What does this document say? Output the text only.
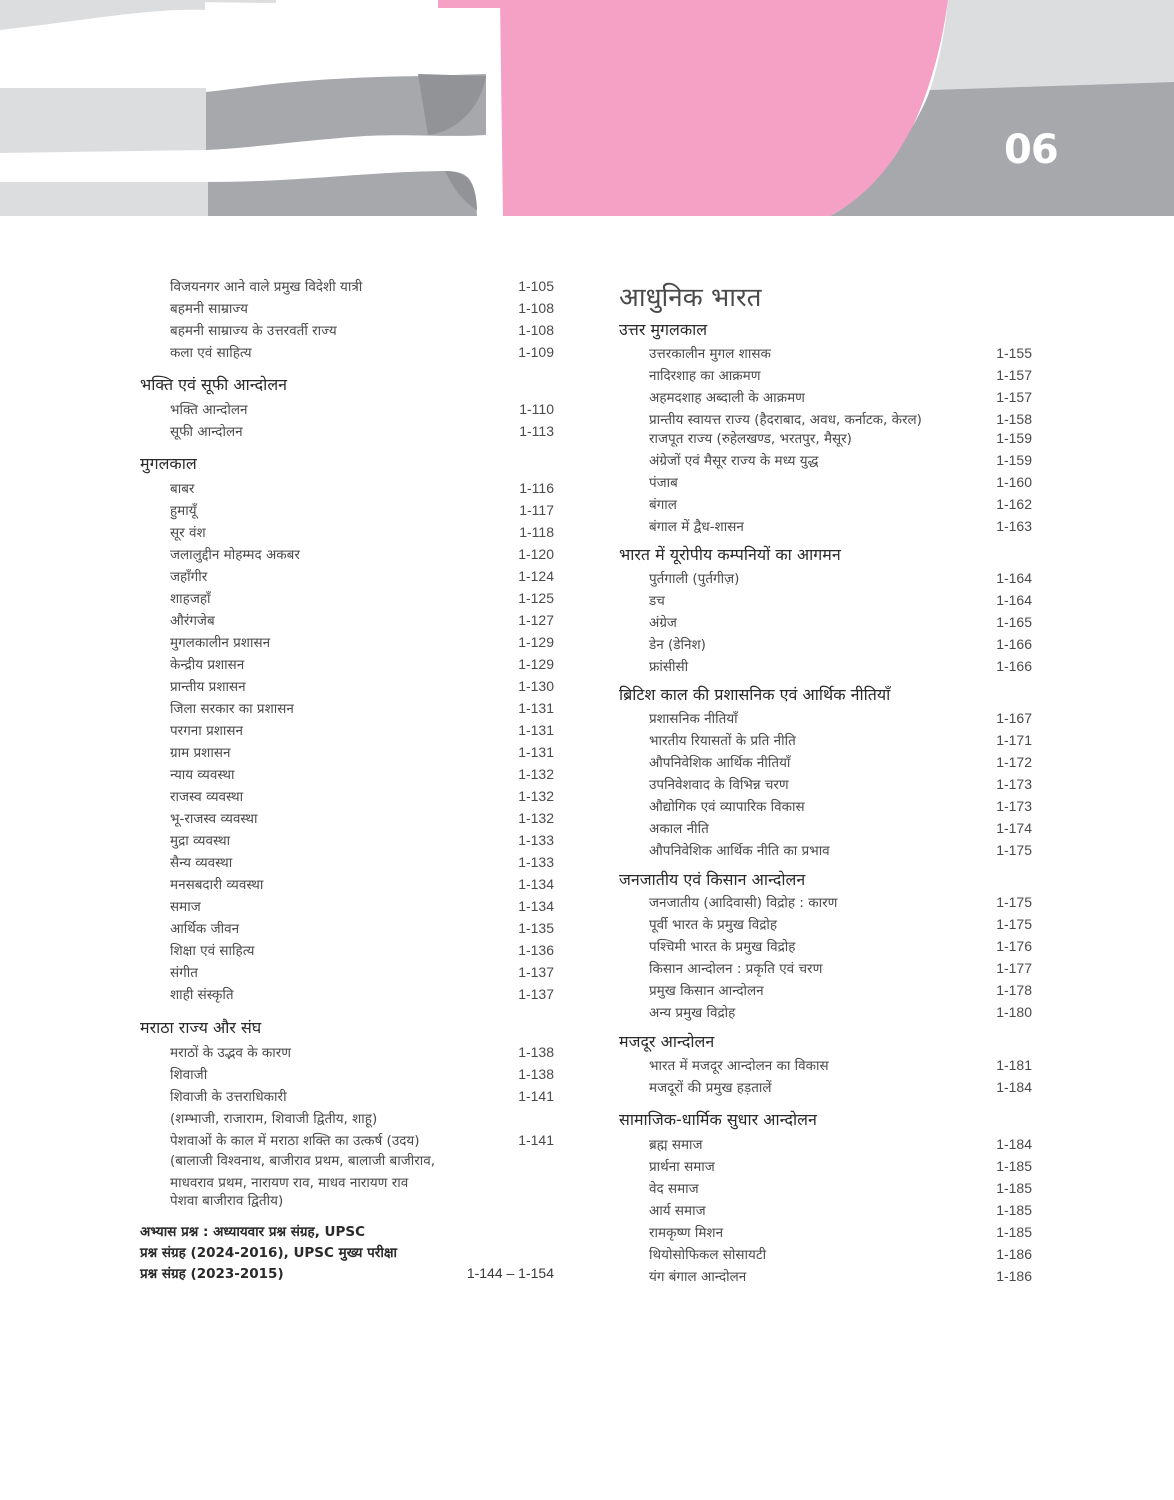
06
विजयनगर आने वाले प्रमुख विदेशी यात्री	1-105
बहमनी साम्राज्य	1-108
बहमनी साम्राज्य के उत्तरवर्ती राज्य	1-108
कला एवं साहित्य	1-109
भक्ति एवं सूफी आन्दोलन
भक्ति आन्दोलन	1-110
सूफी आन्दोलन	1-113
मुगलकाल
बाबर	1-116
हुमायूँ	1-117
सूर वंश	1-118
जलालुद्दीन मोहम्मद अकबर	1-120
जहाँगीर	1-124
शाहजहाँ	1-125
औरंगजेब	1-127
मुगलकालीन प्रशासन	1-129
केन्द्रीय प्रशासन	1-129
प्रान्तीय प्रशासन	1-130
जिला सरकार का प्रशासन	1-131
परगना प्रशासन	1-131
ग्राम प्रशासन	1-131
न्याय व्यवस्था	1-132
राजस्व व्यवस्था	1-132
भू-राजस्व व्यवस्था	1-132
मुद्रा व्यवस्था	1-133
सैन्य व्यवस्था	1-133
मनसबदारी व्यवस्था	1-134
समाज	1-134
आर्थिक जीवन	1-135
शिक्षा एवं साहित्य	1-136
संगीत	1-137
शाही संस्कृति	1-137
मराठा राज्य और संघ
मराठों के उद्भव के कारण	1-138
शिवाजी	1-138
शिवाजी के उत्तराधिकारी	1-141
(शम्भाजी, राजाराम, शिवाजी द्वितीय, शाहू)
पेशवाओं के काल में मराठा शक्ति का उत्कर्ष (उदय)	1-141
(बालाजी विश्वनाथ, बाजीराव प्रथम, बालाजी बाजीराव,
माधवराव प्रथम, नारायण राव, माधव नारायण राव
पेशवा बाजीराव द्वितीय)
अभ्यास प्रश्न : अध्यायवार प्रश्न संग्रह, UPSC
प्रश्न संग्रह (2024-2016), UPSC मुख्य परीक्षा
प्रश्न संग्रह (2023-2015)	1-144 – 1-154
आधुनिक भारत
उत्तर मुगलकाल
उत्तरकालीन मुगल शासक	1-155
नादिरशाह का आक्रमण	1-157
अहमदशाह अब्दाली के आक्रमण	1-157
प्रान्तीय स्वायत्त राज्य (हैदराबाद, अवध, कर्नाटक, केरल)	1-158
राजपूत राज्य (रुहेलखण्ड, भरतपुर, मैसूर)	1-159
अंग्रेजों एवं मैसूर राज्य के मध्य युद्ध	1-159
पंजाब	1-160
बंगाल	1-162
बंगाल में द्वैध-शासन	1-163
भारत में यूरोपीय कम्पनियों का आगमन
पुर्तगाली (पुर्तगीज़)	1-164
डच	1-164
अंग्रेज	1-165
डेन (डेनिश)	1-166
फ्रांसीसी	1-166
ब्रिटिश काल की प्रशासनिक एवं आर्थिक नीतियाँ
प्रशासनिक नीतियाँ	1-167
भारतीय रियासतों के प्रति नीति	1-171
औपनिवेशिक आर्थिक नीतियाँ	1-172
उपनिवेशवाद के विभिन्न चरण	1-173
औद्योगिक एवं व्यापारिक विकास	1-173
अकाल नीति	1-174
औपनिवेशिक आर्थिक नीति का प्रभाव	1-175
जनजातीय एवं किसान आन्दोलन
जनजातीय (आदिवासी) विद्रोह : कारण	1-175
पूर्वी भारत के प्रमुख विद्रोह	1-175
पश्चिमी भारत के प्रमुख विद्रोह	1-176
किसान आन्दोलन : प्रकृति एवं चरण	1-177
प्रमुख किसान आन्दोलन	1-178
अन्य प्रमुख विद्रोह	1-180
मजदूर आन्दोलन
भारत में मजदूर आन्दोलन का विकास	1-181
मजदूरों की प्रमुख हड़तालें	1-184
सामाजिक-धार्मिक सुधार आन्दोलन
ब्रह्म समाज	1-184
प्रार्थना समाज	1-185
वेद समाज	1-185
आर्य समाज	1-185
रामकृष्ण मिशन	1-185
थियोसोफिकल सोसायटी	1-186
यंग बंगाल आन्दोलन	1-186
